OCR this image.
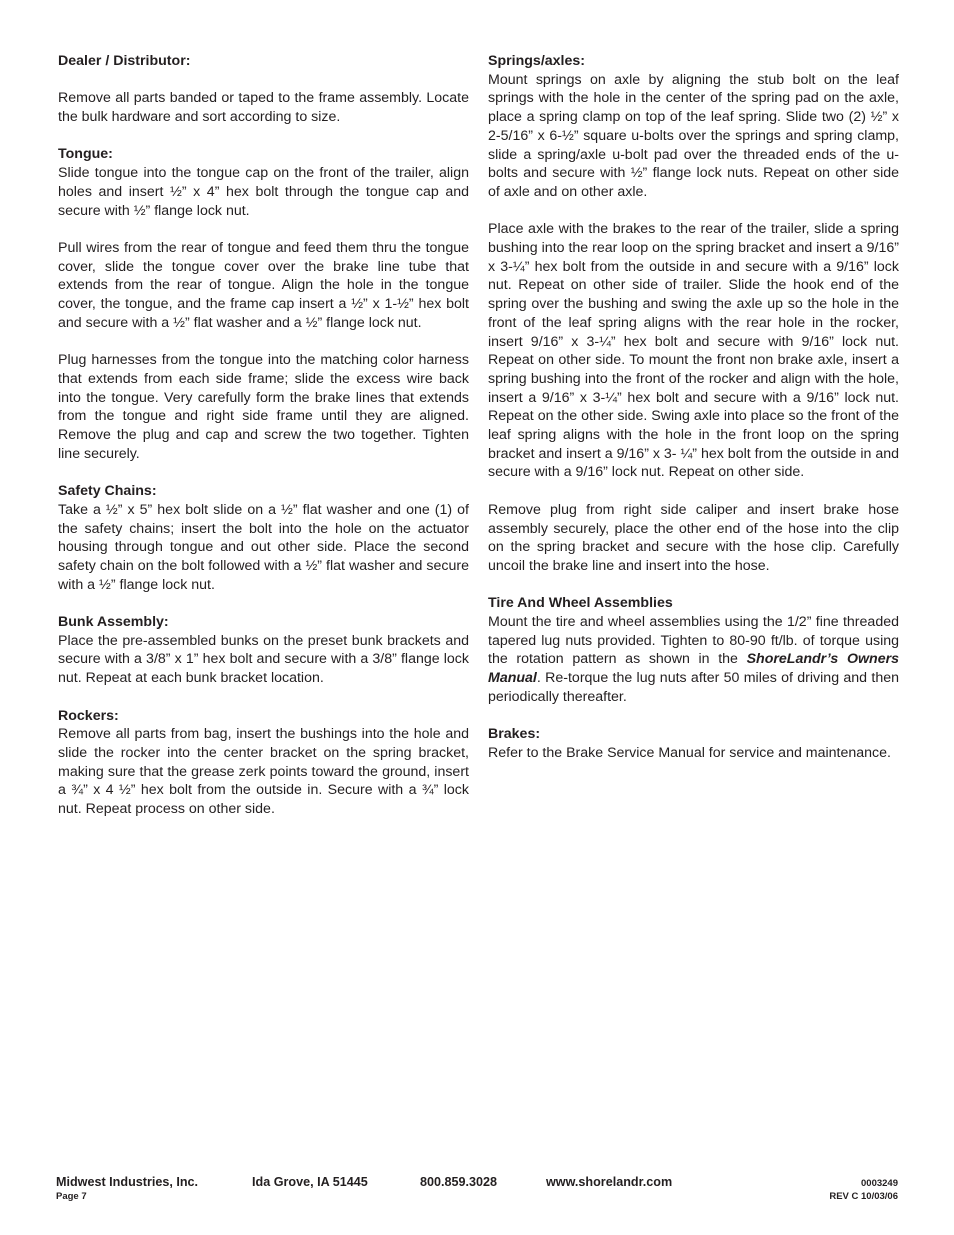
Dealer / Distributor:

Remove all parts banded or taped to the frame assembly. Locate the bulk hardware and sort according to size.

Tongue:

Slide tongue into the tongue cap on the front of the trailer, align holes and insert ½” x 4” hex bolt through the tongue cap and secure with ½” flange lock nut.

Pull wires from the rear of tongue and feed them thru the tongue cover, slide the tongue cover over the brake line tube that extends from the rear of tongue. Align the hole in the tongue cover, the tongue, and the frame cap insert a ½” x 1-½” hex bolt and secure with a ½” flat washer and a ½” flange lock nut.

Plug harnesses from the tongue into the matching color harness that extends from each side frame; slide the excess wire back into the tongue. Very carefully form the brake lines that extends from the tongue and right side frame until they are aligned. Remove the plug and cap and screw the two together. Tighten line securely.

Safety Chains:

Take a ½” x 5” hex bolt slide on a ½” flat washer and one (1) of the safety chains; insert the bolt into the hole on the actuator housing through tongue and out other side. Place the second safety chain on the bolt followed with a ½” flat washer and secure with a ½” flange lock nut.

Bunk Assembly:

Place the pre-assembled bunks on the preset bunk brackets and secure with a 3/8” x 1” hex bolt and secure with a 3/8” flange lock nut. Repeat at each bunk bracket location.

Rockers:

Remove all parts from bag, insert the bushings into the hole and slide the rocker into the center bracket on the spring bracket, making sure that the grease zerk points toward the ground, insert a ¾” x 4 ½” hex bolt from the outside in. Secure with a ¾” lock nut. Repeat process on other side.

Springs/axles:

Mount springs on axle by aligning the stub bolt on the leaf springs with the hole in the center of the spring pad on the axle, place a spring clamp on top of the leaf spring. Slide two (2) ½” x 2-5/16” x 6-½” square u-bolts over the springs and spring clamp, slide a spring/axle u-bolt pad over the threaded ends of the u-bolts and secure with ½” flange lock nuts. Repeat on other side of axle and on other axle.

Place axle with the brakes to the rear of the trailer, slide a spring bushing into the rear loop on the spring bracket and insert a 9/16” x 3-¼” hex bolt from the outside in and secure with a 9/16” lock nut. Repeat on other side of trailer. Slide the hook end of the spring over the bushing and swing the axle up so the hole in the front of the leaf spring aligns with the rear hole in the rocker, insert 9/16” x 3-¼” hex bolt and secure with 9/16” lock nut. Repeat on other side. To mount the front non brake axle, insert a spring bushing into the front of the rocker and align with the hole, insert a 9/16” x 3-¼” hex bolt and secure with a 9/16” lock nut. Repeat on the other side. Swing axle into place so the front of the leaf spring aligns with the hole in the front loop on the spring bracket and insert a 9/16” x 3- ¼” hex bolt from the outside in and secure with a 9/16” lock nut. Repeat on other side.

Remove plug from right side caliper and insert brake hose assembly securely, place the other end of the hose into the clip on the spring bracket and secure with the hose clip. Carefully uncoil the brake line and insert into the hose.

Tire And Wheel Assemblies

Mount the tire and wheel assemblies using the 1/2” fine threaded tapered lug nuts provided. Tighten to 80-90 ft/lb. of torque using the rotation pattern as shown in the ShoreLandr’s Owners Manual. Re-torque the lug nuts after 50 miles of driving and then periodically thereafter.

Brakes:

Refer to the Brake Service Manual for service and maintenance.

Midwest Industries, Inc.	Ida Grove, IA 51445	800.859.3028	www.shorelandr.com	0003249
Page 7	REV C 10/03/06
